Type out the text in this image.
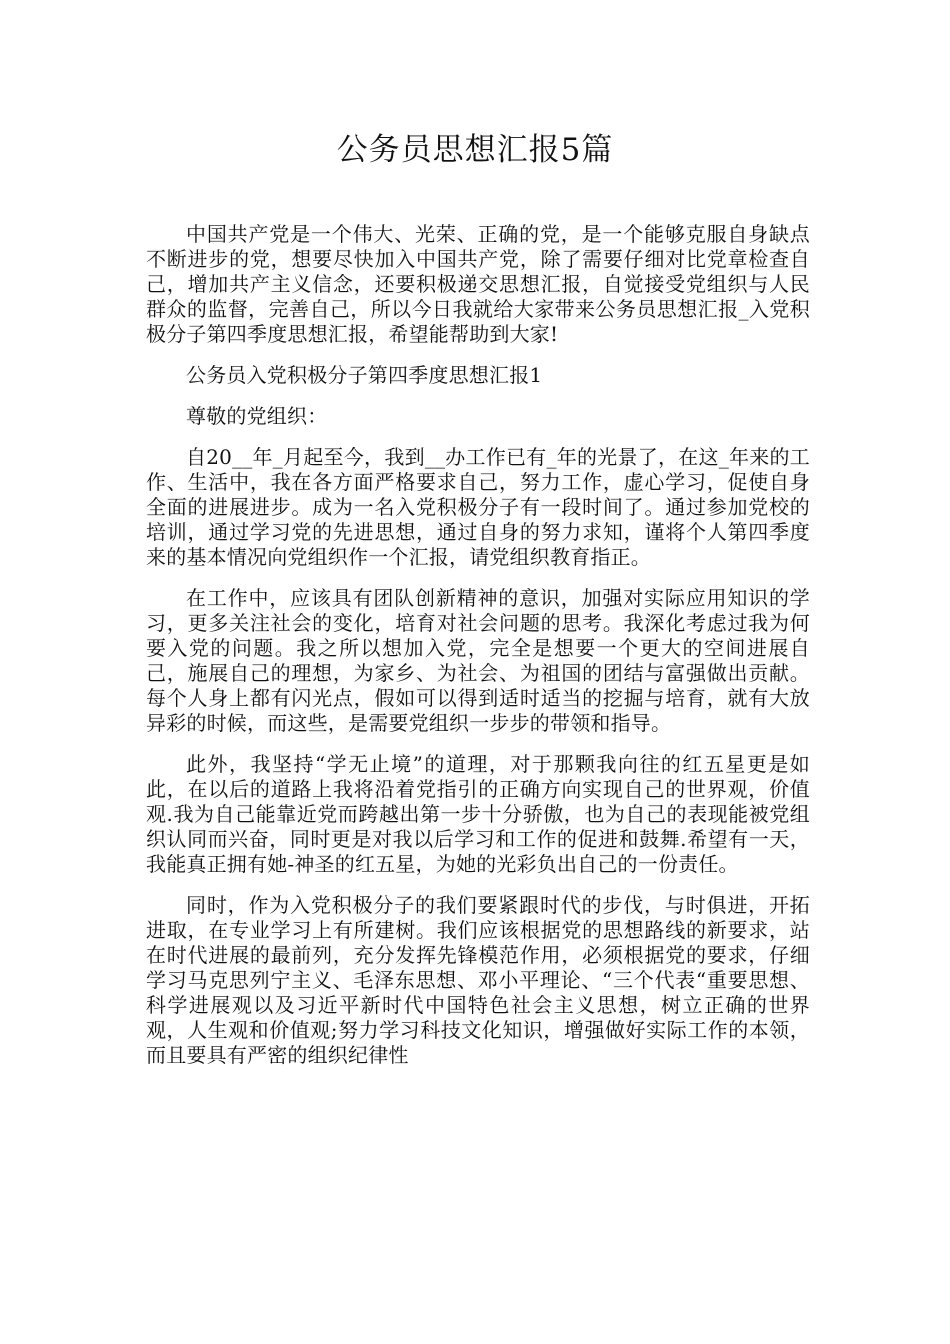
公务员思想汇报5篇

中国共产党是一个伟大、光荣、正确的党，是一个能够克服自身缺点不断进步的党，想要尽快加入中国共产党，除了需要仔细对比党章检查自己，增加共产主义信念，还要积极递交思想汇报，自觉接受党组织与人民群众的监督，完善自己，所以今日我就给大家带来公务员思想汇报_入党积极分子第四季度思想汇报，希望能帮助到大家!

公务员入党积极分子第四季度思想汇报1

尊敬的党组织：

自20__年_月起至今，我到__办工作已有_年的光景了，在这_年来的工作、生活中，我在各方面严格要求自己，努力工作，虚心学习，促使自身全面的进展进步。成为一名入党积极分子有一段时间了。通过参加党校的培训，通过学习党的先进思想，通过自身的努力求知，谨将个人第四季度来的基本情况向党组织作一个汇报，请党组织教育指正。

在工作中，应该具有团队创新精神的意识，加强对实际应用知识的学习，更多关注社会的变化，培育对社会问题的思考。我深化考虑过我为何要入党的问题。我之所以想加入党，完全是想要一个更大的空间进展自己，施展自己的理想，为家乡、为社会、为祖国的团结与富强做出贡献。每个人身上都有闪光点，假如可以得到适时适当的挖掘与培育，就有大放异彩的时候，而这些，是需要党组织一步步的带领和指导。

此外，我坚持“学无止境”的道理，对于那颗我向往的红五星更是如此，在以后的道路上我将沿着党指引的正确方向实现自己的世界观，价值观.我为自己能靠近党而跨越出第一步十分骄傲，也为自己的表现能被党组织认同而兴奋，同时更是对我以后学习和工作的促进和鼓舞.希望有一天，我能真正拥有她-神圣的红五星，为她的光彩负出自己的一份责任。

同时，作为入党积极分子的我们要紧跟时代的步伐，与时俱进，开拓进取，在专业学习上有所建树。我们应该根据党的思想路线的新要求，站在时代进展的最前列，充分发挥先锋模范作用，必须根据党的要求，仔细学习马克思列宁主义、毛泽东思想、邓小平理论、“三个代表“重要思想、科学进展观以及习近平新时代中国特色社会主义思想，树立正确的世界观，人生观和价值观;努力学习科技文化知识，增强做好实际工作的本领，而且要具有严密的组织纪律性
